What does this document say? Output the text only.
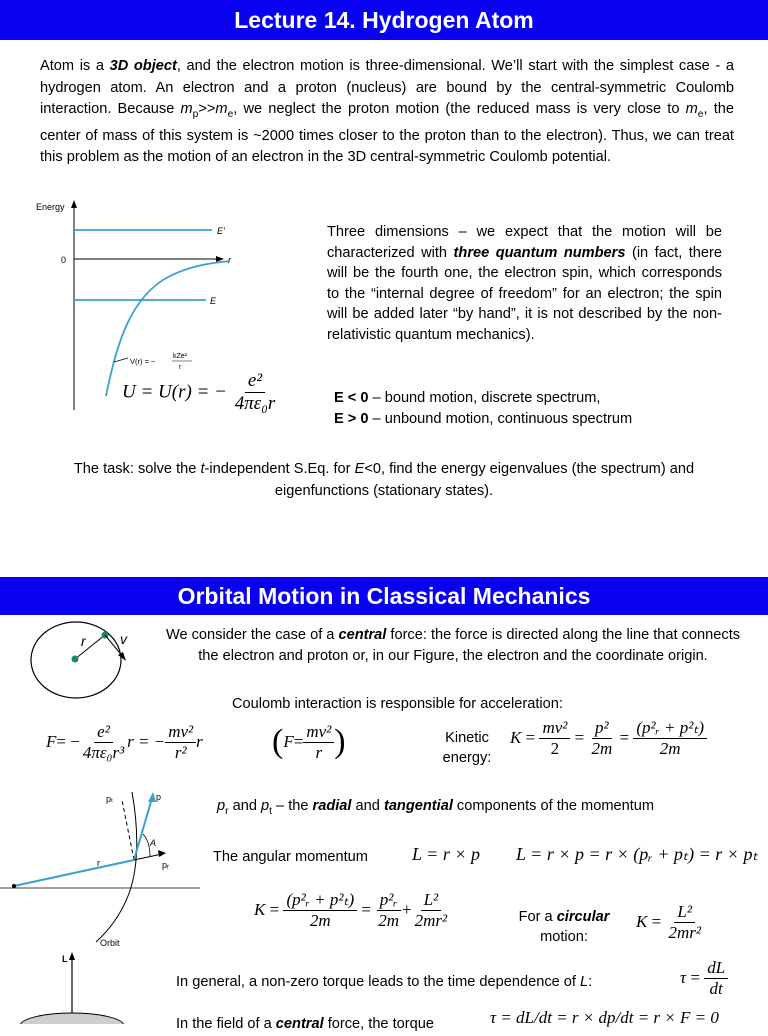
Lecture 14. Hydrogen Atom
Atom is a 3D object, and the electron motion is three-dimensional. We’ll start with the simplest case - a hydrogen atom. An electron and a proton (nucleus) are bound by the central-symmetric Coulomb interaction. Because $m_p>>m_e$, we neglect the proton motion (the reduced mass is very close to $m_e$, the center of mass of this system is ~2000 times closer to the proton than to the electron). Thus, we can treat this problem as the motion of an electron in the 3D central-symmetric Coulomb potential.
Energy
0	r
E'
E
V(r) = −
kZe²
r
U = U(r) = − $\frac{\text{e²}}{\text{4πε₀r}}$
Three dimensions – we expect that the motion will be characterized with three quantum numbers (in fact, there will be the fourth one, the electron spin, which corresponds to the “internal degree of freedom” for an electron; the spin will be added later “by hand”, it is not described by the non-relativistic quantum mechanics).
E < 0 – bound motion, discrete spectrum,
E > 0 – unbound motion, continuous spectrum
The task: solve the t-independent S.Eq. for E<0, find the energy eigenvalues (the spectrum) and eigenfunctions (stationary states).
Orbital Motion in Classical Mechanics
r v	We consider the case of a central force: the force is directed along the line that connects the electron and proton or, in our Figure, the electron and the coordinate origin.
Coulomb interaction is responsible for acceleration:
F = − $\frac{\text{e²}}{\text{4πε₀r³}}$ r = − $\frac{\text{mv²}}{\text{r²}}$ r ( $F = \frac{\text{mv²}}{r}$ )	Kinetic energy:
$K = \frac{\text{mv²}}{2} = \frac{\text{p²}}{2m} = \frac{\text{(p²ᵣ + p²ₜ)}}{2m}$
pₜ	p
A
pᵣ
r
Orbit
$p_r$ and $p_t$ – the radial and tangential components of the momentum
The angular momentum L = r × p L = r × p = r × (pᵣ + pₜ) = r × pₜ
$K = \frac{\text{(p²ᵣ + p²ₜ)}}{2m} = \frac{\text{p²ᵣ}}{2m} + \frac{\text{L²}}{\text{2mr²}}$	For a circular
motion:
$K = \frac{\text{L²}}{\text{2mr²}}$
L
In general, a non-zero torque leads to the time dependence of L:	$\tau = \frac{dL}{dt}$
In the field of a central force, the torque	τ = dL/dt = r × dp/dt = r × F = 0
